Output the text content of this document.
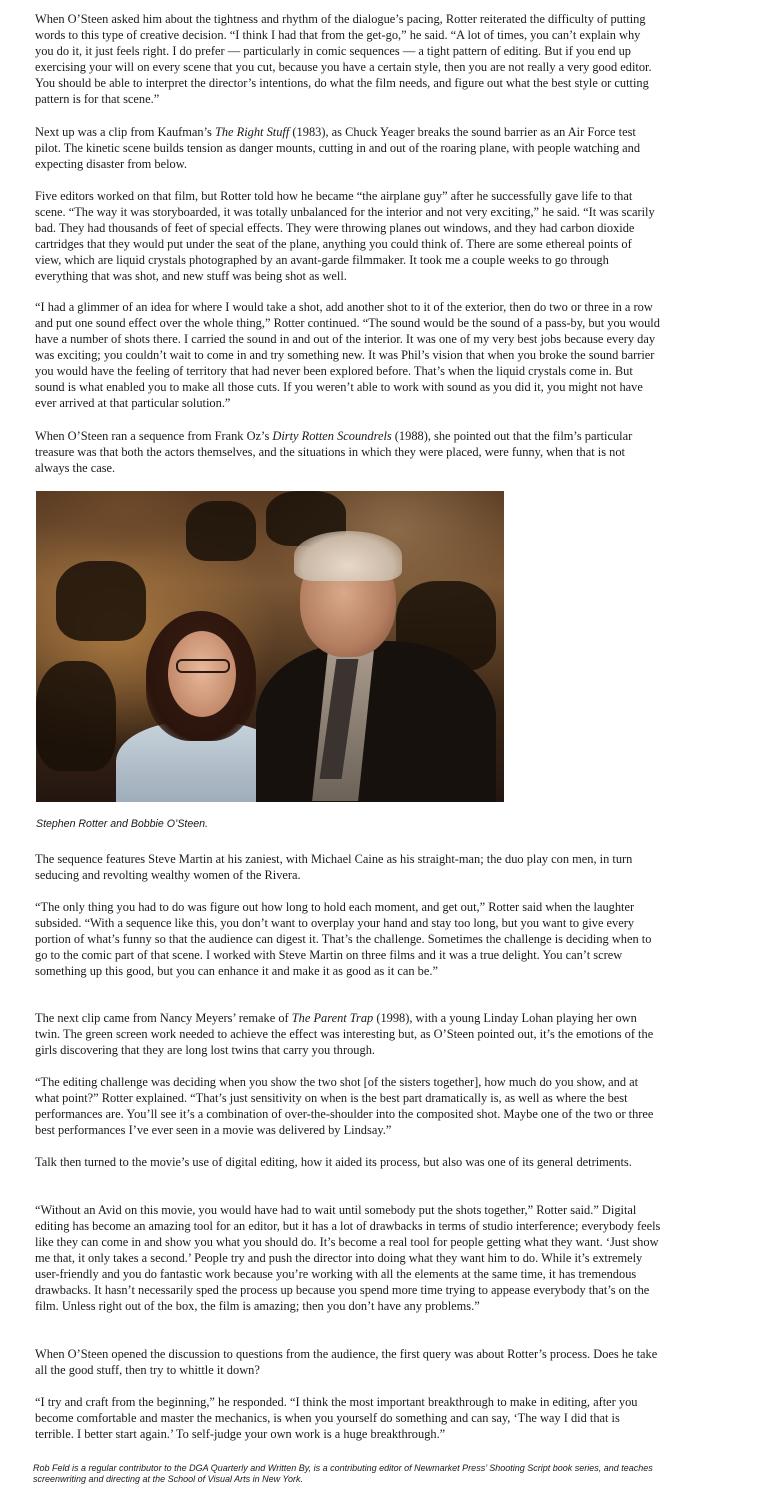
When O’Steen asked him about the tightness and rhythm of the dialogue’s pacing, Rotter reiterated the difficulty of putting words to this type of creative decision. “I think I had that from the get-go,” he said. “A lot of times, you can’t explain why you do it, it just feels right. I do prefer — particularly in comic sequences — a tight pattern of editing. But if you end up exercising your will on every scene that you cut, because you have a certain style, then you are not really a very good editor. You should be able to interpret the director’s intentions, do what the film needs, and figure out what the best style or cutting pattern is for that scene.”

Next up was a clip from Kaufman’s The Right Stuff (1983), as Chuck Yeager breaks the sound barrier as an Air Force test pilot. The kinetic scene builds tension as danger mounts, cutting in and out of the roaring plane, with people watching and expecting disaster from below.

Five editors worked on that film, but Rotter told how he became “the airplane guy” after he successfully gave life to that scene. “The way it was storyboarded, it was totally unbalanced for the interior and not very exciting,” he said. “It was scarily bad. They had thousands of feet of special effects. They were throwing planes out windows, and they had carbon dioxide cartridges that they would put under the seat of the plane, anything you could think of. There are some ethereal points of view, which are liquid crystals photographed by an avant-garde filmmaker. It took me a couple weeks to go through everything that was shot, and new stuff was being shot as well.

“I had a glimmer of an idea for where I would take a shot, add another shot to it of the exterior, then do two or three in a row and put one sound effect over the whole thing,” Rotter continued. “The sound would be the sound of a pass-by, but you would have a number of shots there. I carried the sound in and out of the interior. It was one of my very best jobs because every day was exciting; you couldn’t wait to come in and try something new. It was Phil’s vision that when you broke the sound barrier you would have the feeling of territory that had never been explored before. That’s when the liquid crystals come in. But sound is what enabled you to make all those cuts. If you weren’t able to work with sound as you did it, you might not have ever arrived at that particular solution.”

When O’Steen ran a sequence from Frank Oz’s Dirty Rotten Scoundrels (1988), she pointed out that the film’s particular treasure was that both the actors themselves, and the situations in which they were placed, were funny, when that is not always the case.

Stephen Rotter and Bobbie O’Steen.

The sequence features Steve Martin at his zaniest, with Michael Caine as his straight-man; the duo play con men, in turn seducing and revolting wealthy women of the Rivera.

“The only thing you had to do was figure out how long to hold each moment, and get out,” Rotter said when the laughter subsided. “With a sequence like this, you don’t want to overplay your hand and stay too long, but you want to give every portion of what’s funny so that the audience can digest it. That’s the challenge. Sometimes the challenge is deciding when to go to the comic part of that scene. I worked with Steve Martin on three films and it was a true delight. You can’t screw something up this good, but you can enhance it and make it as good as it can be.”

The next clip came from Nancy Meyers’ remake of The Parent Trap (1998), with a young Linday Lohan playing her own twin. The green screen work needed to achieve the effect was interesting but, as O’Steen pointed out, it’s the emotions of the girls discovering that they are long lost twins that carry you through.

“The editing challenge was deciding when you show the two shot [of the sisters together], how much do you show, and at what point?” Rotter explained. “That’s just sensitivity on when is the best part dramatically is, as well as where the best performances are. You’ll see it’s a combination of over-the-shoulder into the composited shot. Maybe one of the two or three best performances I’ve ever seen in a movie was delivered by Lindsay.”

Talk then turned to the movie’s use of digital editing, how it aided its process, but also was one of its general detriments.

“Without an Avid on this movie, you would have had to wait until somebody put the shots together,” Rotter said.” Digital editing has become an amazing tool for an editor, but it has a lot of drawbacks in terms of studio interference; everybody feels like they can come in and show you what you should do. It’s become a real tool for people getting what they want. ‘Just show me that, it only takes a second.’ People try and push the director into doing what they want him to do. While it’s extremely user-friendly and you do fantastic work because you’re working with all the elements at the same time, it has tremendous drawbacks. It hasn’t necessarily sped the process up because you spend more time trying to appease everybody that’s on the film. Unless right out of the box, the film is amazing; then you don’t have any problems.”

When O’Steen opened the discussion to questions from the audience, the first query was about Rotter’s process. Does he take all the good stuff, then try to whittle it down?

“I try and craft from the beginning,” he responded. “I think the most important breakthrough to make in editing, after you become comfortable and master the mechanics, is when you yourself do something and can say, ‘The way I did that is terrible. I better start again.’ To self-judge your own work is a huge breakthrough.”

Rob Feld is a regular contributor to the DGA Quarterly and Written By, is a contributing editor of Newmarket Press’ Shooting Script book series, and teaches screenwriting and directing at the School of Visual Arts in New York.
